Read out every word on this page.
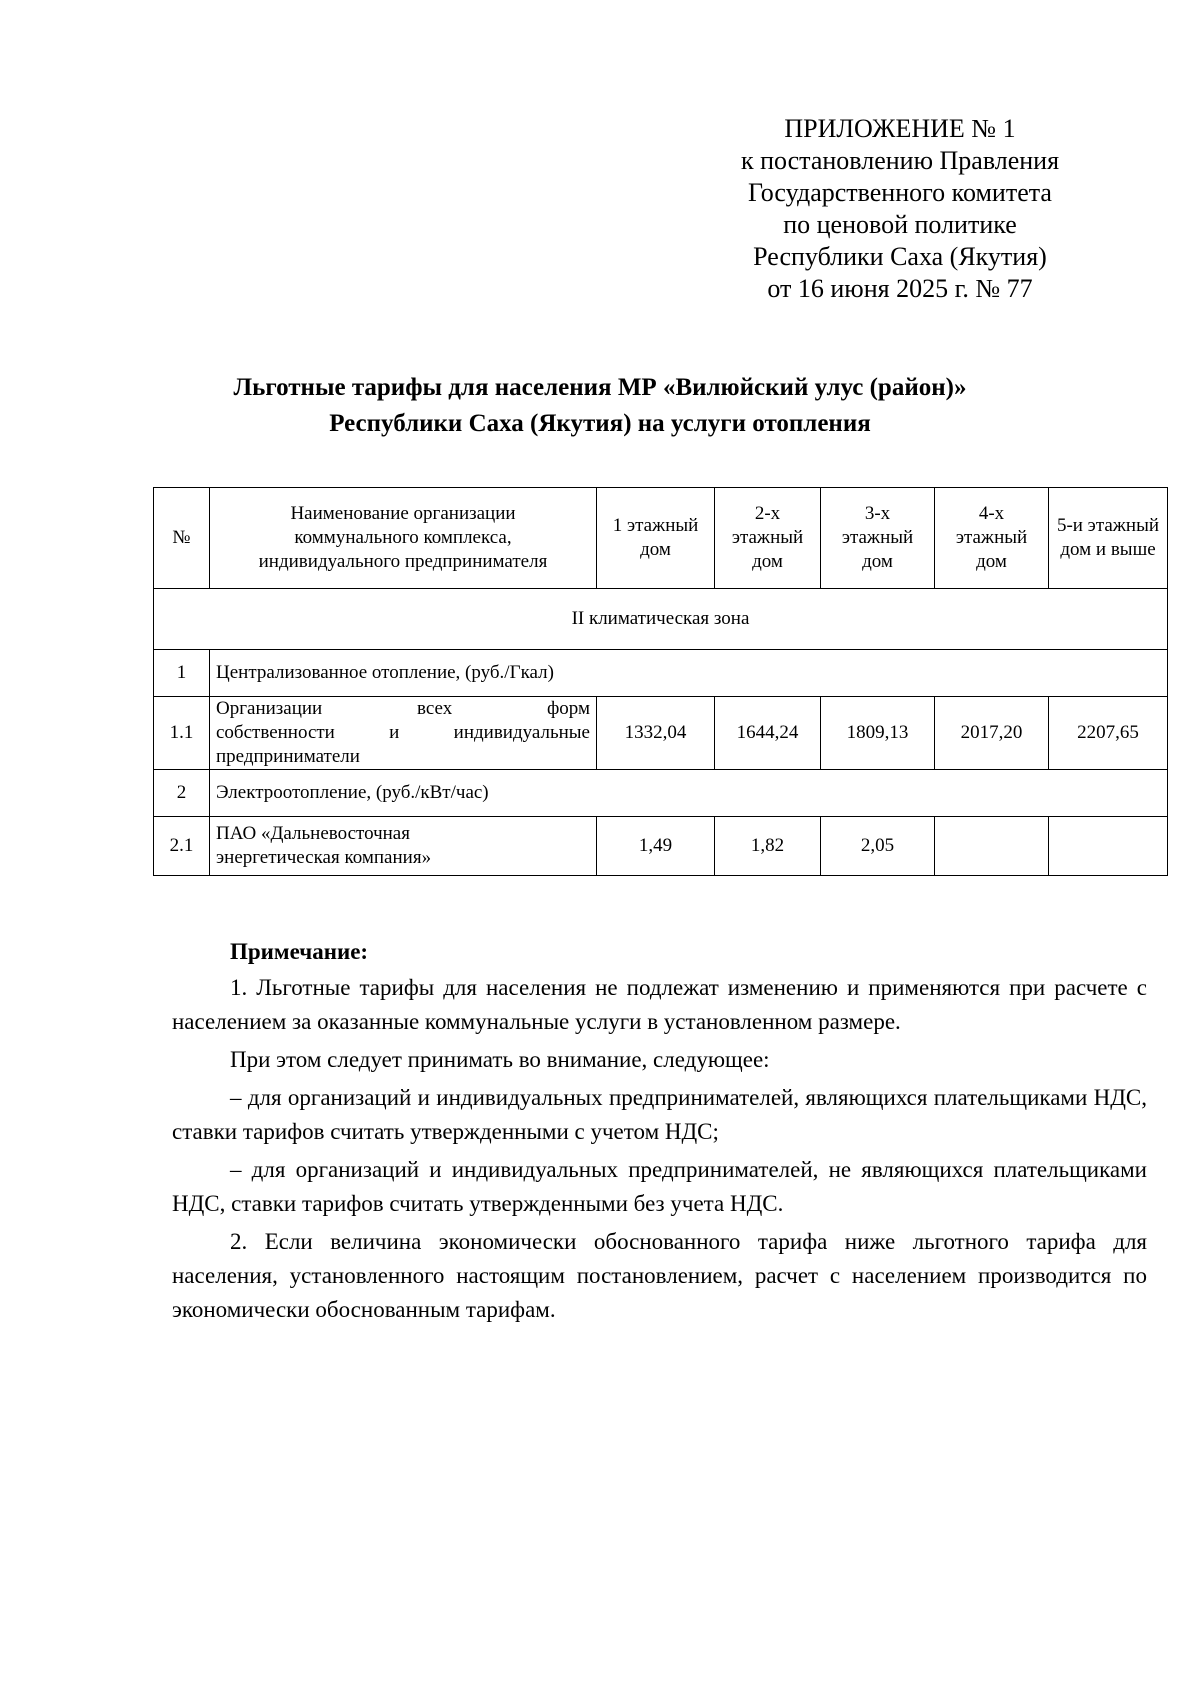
ПРИЛОЖЕНИЕ № 1
к постановлению Правления
Государственного комитета
по ценовой политике
Республики Саха (Якутия)
от 16 июня 2025 г. № 77
Льготные тарифы для населения МР «Вилюйский улус (район)»
Республики Саха (Якутия) на услуги отопления
№	Наименование организации коммунального комплекса, индивидуального предпринимателя	1 этажный дом	2-х этажный дом	3-х этажный дом	4-х этажный дом	5-и этажный дом и выше
II климатическая зона						
1	Централизованное отопление, (руб./Гкал)					
1.1	Организации всех форм
собственности и индивидуальные
предприниматели	1332,04	1644,24	1809,13	2017,20	2207,65
2	Электроотопление, (руб./кВт/час)					
2.1	ПАО «Дальневосточная энергетическая компания»	1,49	1,82	2,05		
Примечание:

1. Льготные тарифы для населения не подлежат изменению и применяются при расчете с населением за оказанные коммунальные услуги в установленном размере.

При этом следует принимать во внимание, следующее:

– для организаций и индивидуальных предпринимателей, являющихся плательщиками НДС, ставки тарифов считать утвержденными с учетом НДС;

– для организаций и индивидуальных предпринимателей, не являющихся плательщиками НДС, ставки тарифов считать утвержденными без учета НДС.

2. Если величина экономически обоснованного тарифа ниже льготного тарифа для населения, установленного настоящим постановлением, расчет с населением производится по экономически обоснованным тарифам.
